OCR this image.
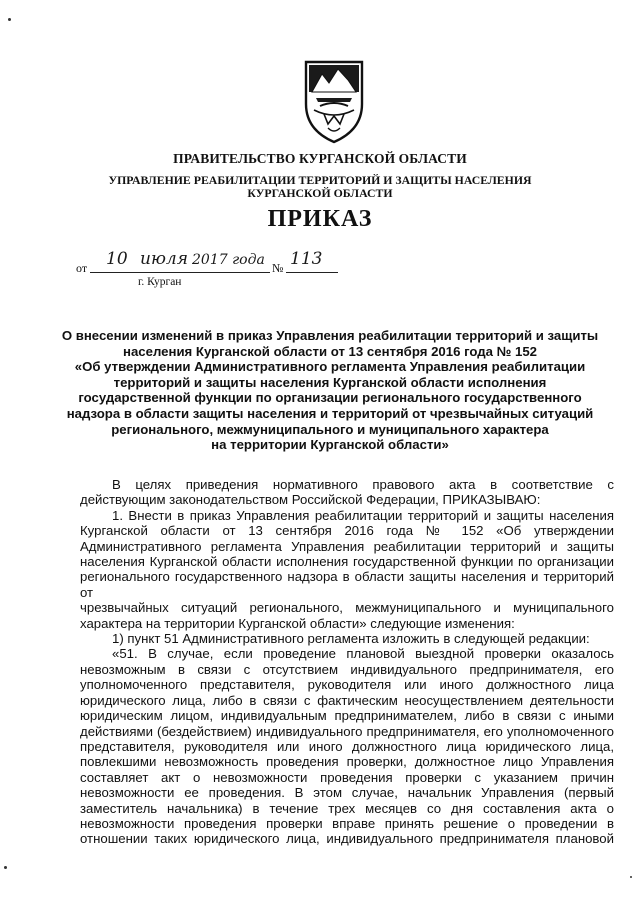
ПРАВИТЕЛЬСТВО КУРГАНСКОЙ ОБЛАСТИ
УПРАВЛЕНИЕ РЕАБИЛИТАЦИИ ТЕРРИТОРИЙ И ЗАЩИТЫ НАСЕЛЕНИЯ
КУРГАНСКОЙ ОБЛАСТИ
ПРИКАЗ
от 10 июля 2017 года № 113
г. Курган
О внесении изменений в приказ Управления реабилитации территорий и защиты
населения Курганской области от 13 сентября 2016 года № 152
«Об утверждении Административного регламента Управления реабилитации
территорий и защиты населения Курганской области исполнения
государственной функции по организации регионального государственного
надзора в области защиты населения и территорий от чрезвычайных ситуаций
регионального, межмуниципального и муниципального характера
на территории Курганской области»

В целях приведения нормативного правового акта в соответствие с

действующим законодательством Российской Федерации, ПРИКАЗЫВАЮ:

1. Внести в приказ Управления реабилитации территорий и защиты населения

Курганской области от 13 сентября 2016 года № 152 «Об утверждении

Административного регламента Управления реабилитации территорий и защиты

населения Курганской области исполнения государственной функции по организации

регионального государственного надзора в области защиты населения и территорий от

чрезвычайных ситуаций регионального, межмуниципального и муниципального

характера на территории Курганской области» следующие изменения:

1) пункт 51 Административного регламента изложить в следующей редакции:

«51. В случае, если проведение плановой выездной проверки оказалось

невозможным в связи с отсутствием индивидуального предпринимателя, его

уполномоченного представителя, руководителя или иного должностного лица

юридического лица, либо в связи с фактическим неосуществлением деятельности

юридическим лицом, индивидуальным предпринимателем, либо в связи с иными

действиями (бездействием) индивидуального предпринимателя, его уполномоченного

представителя, руководителя или иного должностного лица юридического лица,

повлекшими невозможность проведения проверки, должностное лицо Управления

составляет акт о невозможности проведения проверки с указанием причин

невозможности ее проведения. В этом случае, начальник Управления (первый

заместитель начальника) в течение трех месяцев со дня составления акта о

невозможности проведения проверки вправе принять решение о проведении в

отношении таких юридического лица, индивидуального предпринимателя плановой
